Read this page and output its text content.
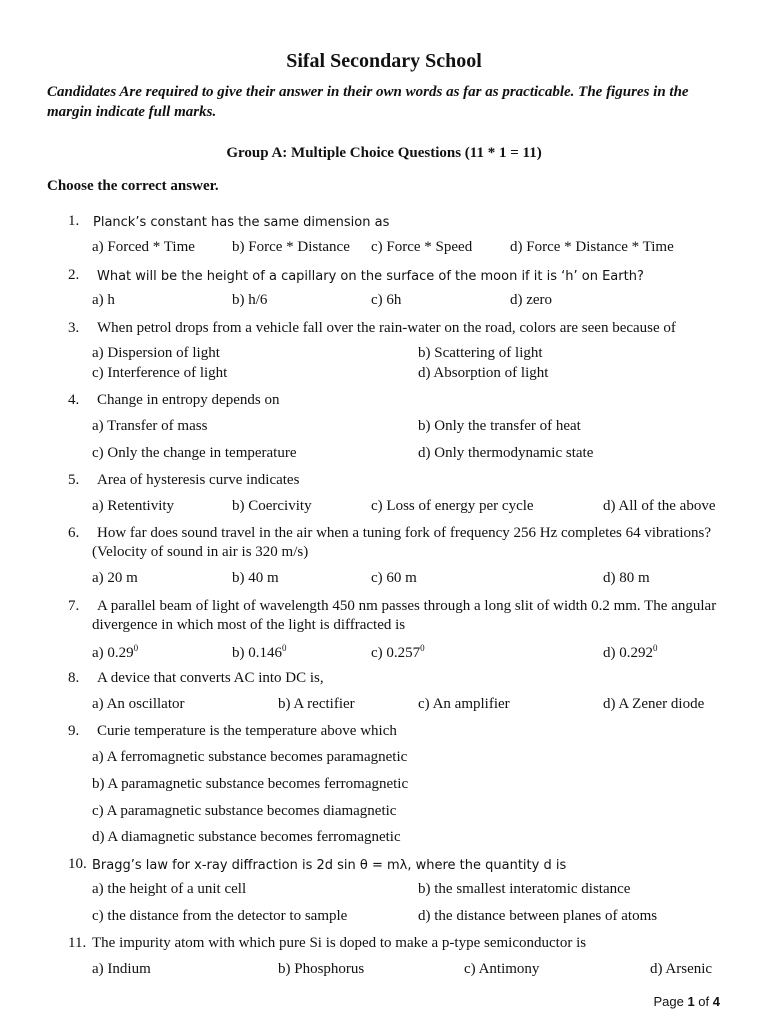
Sifal Secondary School
Candidates Are required to give their answer in their own words as far as practicable. The figures in the margin indicate full marks.
Group A: Multiple Choice Questions (11 * 1 = 11)
Choose the correct answer.
1. Planck’s constant has the same dimension as
a) Forced * Time b) Force * Distance c) Force * Speed	d) Force * Distance * Time
2. What will be the height of a capillary on the surface of the moon if it is ‘h’ on Earth?
a) h	b) h/6	c) 6h	d) zero
3. When petrol drops from a vehicle fall over the rain-water on the road, colors are seen because of
a) Dispersion of light	b) Scattering of light
c) Interference of light	d) Absorption of light
4. Change in entropy depends on
a) Transfer of mass	b) Only the transfer of heat
c) Only the change in temperature	d) Only thermodynamic state
5. Area of hysteresis curve indicates
a) Retentivity	b) Coercivity	c) Loss of energy per cycle	d) All of the above
6. How far does sound travel in the air when a tuning fork of frequency 256 Hz completes 64 vibrations?
(Velocity of sound in air is 320 m/s)
a) 20 m	b) 40 m	c) 60 m	d) 80 m
7. A parallel beam of light of wavelength 450 nm passes through a long slit of width 0.2 mm. The angular
divergence in which most of the light is diffracted is
a) 0.29$^0$	b) 0.146$^0$	c) 0.257$^0$	d) 0.292$^0$
8. A device that converts AC into DC is,
a) An oscillator	b) A rectifier	c) An amplifier	d) A Zener diode
9. Curie temperature is the temperature above which
a) A ferromagnetic substance becomes paramagnetic
b) A paramagnetic substance becomes ferromagnetic
c) A paramagnetic substance becomes diamagnetic
d) A diamagnetic substance becomes ferromagnetic
10. Bragg’s law for x-ray diffraction is 2d sin θ = mλ, where the quantity d is
a) the height of a unit cell	b) the smallest interatomic distance
c) the distance from the detector to sample	d) the distance between planes of atoms
11. The impurity atom with which pure Si is doped to make a p-type semiconductor is
a) Indium	b) Phosphorus	c) Antimony	d) Arsenic
Page 1 of 4
